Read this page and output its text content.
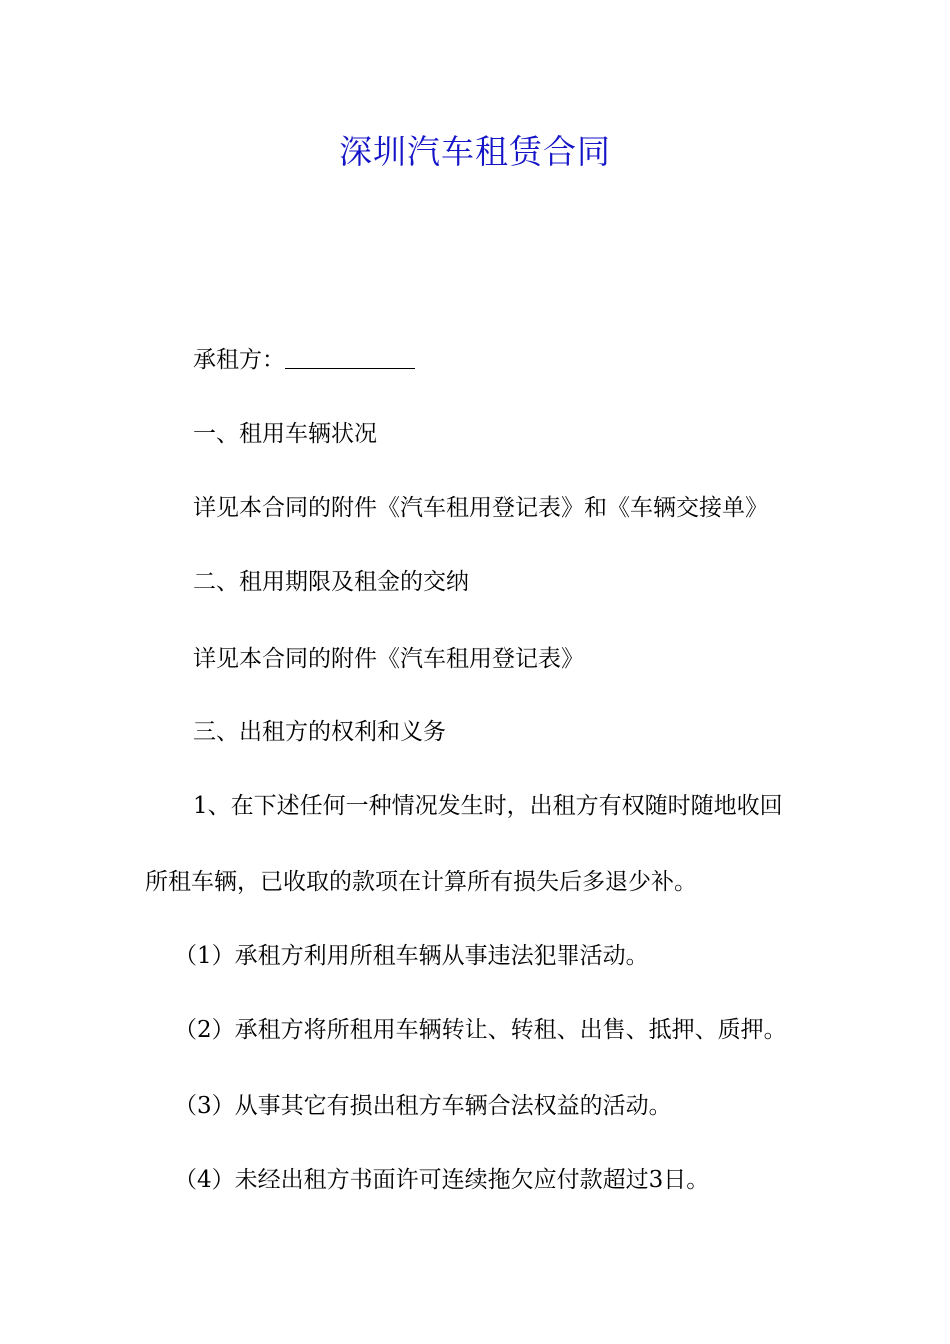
深圳汽车租赁合同
承租方：
一、租用车辆状况
详见本合同的附件《汽车租用登记表》和《车辆交接单》
二、租用期限及租金的交纳
详见本合同的附件《汽车租用登记表》
三、出租方的权利和义务
1、在下述任何一种情况发生时，出租方有权随时随地收回
所租车辆，已收取的款项在计算所有损失后多退少补。
（1）承租方利用所租车辆从事违法犯罪活动。
（2）承租方将所租用车辆转让、转租、出售、抵押、质押。
（3）从事其它有损出租方车辆合法权益的活动。
（4）未经出租方书面许可连续拖欠应付款超过3日。
